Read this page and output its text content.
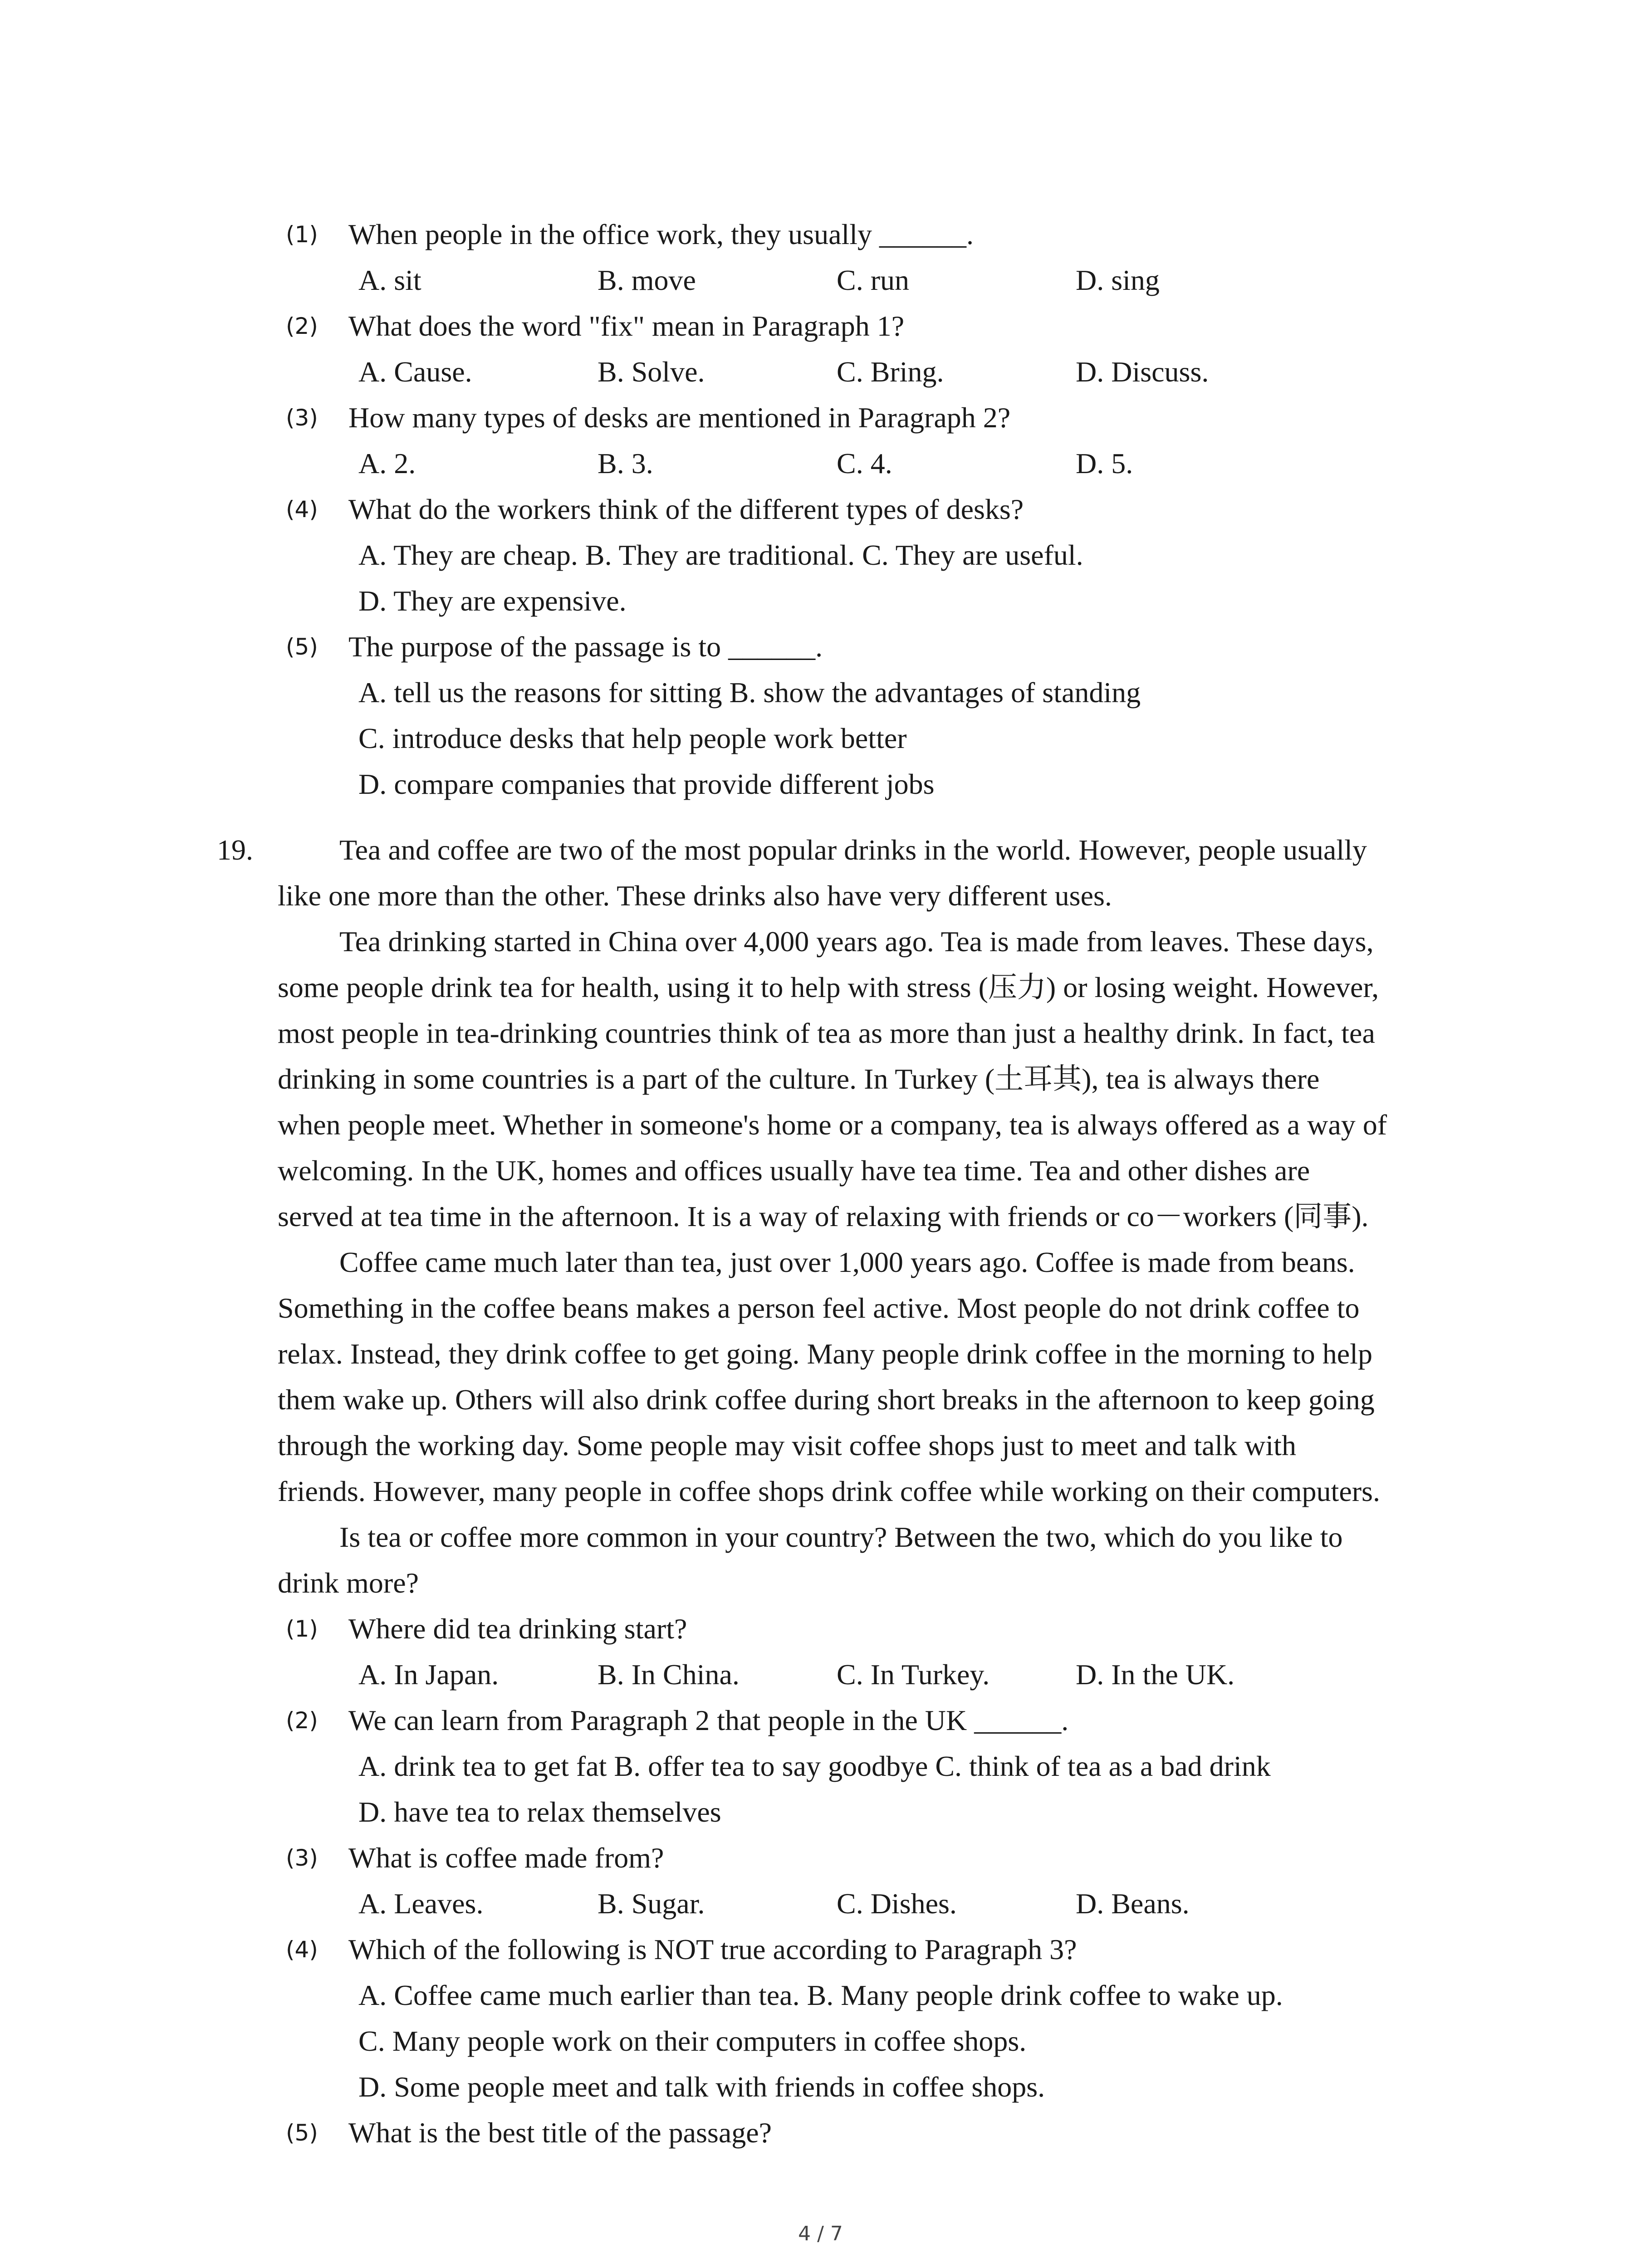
(1) When people in the office work, they usually ______.
A. sit	B. move	C. run	D. sing
(2) What does the word "fix" mean in Paragraph 1?
A. Cause.	B. Solve.	C. Bring.	D. Discuss.
(3) How many types of desks are mentioned in Paragraph 2?
A. 2.	B. 3.	C. 4.	D. 5.
(4) What do the workers think of the different types of desks?
A. They are cheap. B. They are traditional. C. They are useful.
D. They are expensive.
(5) The purpose of the passage is to ______.
A. tell us the reasons for sitting B. show the advantages of standing
C. introduce desks that help people work better
D. compare companies that provide different jobs
19.	Tea and coffee are two of the most popular drinks in the world. However, people usually
like one more than the other. These drinks also have very different uses.
Tea drinking started in China over 4,000 years ago. Tea is made from leaves. These days,
some people drink tea for health, using it to help with stress (压力) or losing weight. However,
most people in tea-drinking countries think of tea as more than just a healthy drink. In fact, tea
drinking in some countries is a part of the culture. In Turkey (土耳其), tea is always there
when people meet. Whether in someone's home or a company, tea is always offered as a way of
welcoming. In the UK, homes and offices usually have tea time. Tea and other dishes are
served at tea time in the afternoon. It is a way of relaxing with friends or co－workers (同事).
Coffee came much later than tea, just over 1,000 years ago. Coffee is made from beans.
Something in the coffee beans makes a person feel active. Most people do not drink coffee to
relax. Instead, they drink coffee to get going. Many people drink coffee in the morning to help
them wake up. Others will also drink coffee during short breaks in the afternoon to keep going
through the working day. Some people may visit coffee shops just to meet and talk with
friends. However, many people in coffee shops drink coffee while working on their computers.
Is tea or coffee more common in your country? Between the two, which do you like to
drink more?
(1) Where did tea drinking start?
A. In Japan.	B. In China.	C. In Turkey.	D. In the UK.
(2) We can learn from Paragraph 2 that people in the UK ______.
A. drink tea to get fat B. offer tea to say goodbye C. think of tea as a bad drink
D. have tea to relax themselves
(3) What is coffee made from?
A. Leaves.	B. Sugar.	C. Dishes.	D. Beans.
(4) Which of the following is NOT true according to Paragraph 3?
A. Coffee came much earlier than tea. B. Many people drink coffee to wake up.
C. Many people work on their computers in coffee shops.
D. Some people meet and talk with friends in coffee shops.
(5) What is the best title of the passage?
4 / 7
